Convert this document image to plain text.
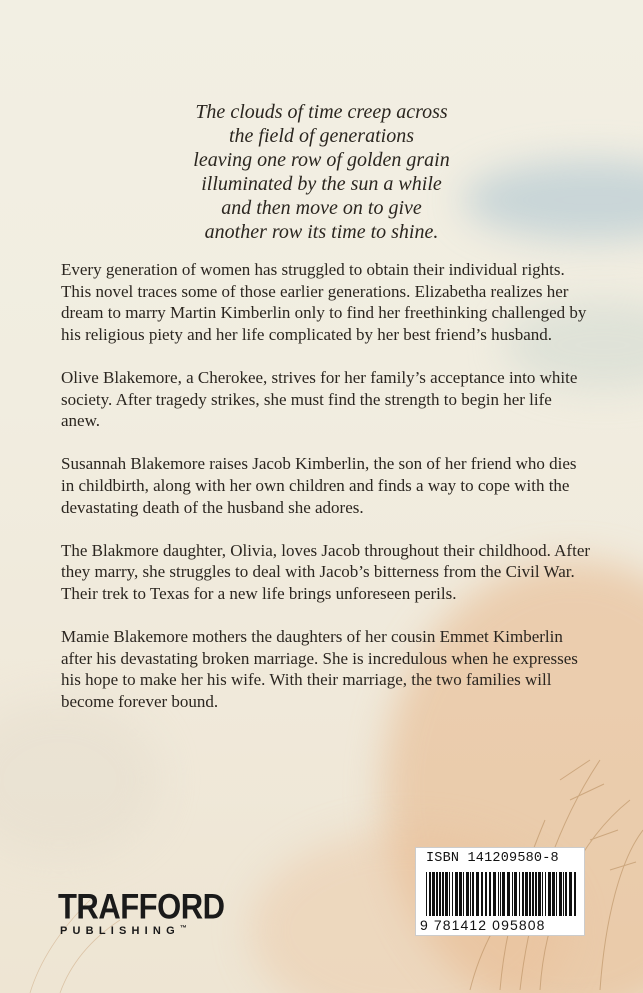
The clouds of time creep across
the field of generations
leaving one row of golden grain
illuminated by the sun a while
and then move on to give
another row its time to shine.

Every generation of women has struggled to obtain their individual rights. This novel traces some of those earlier generations. Elizabetha realizes her dream to marry Martin Kimberlin only to find her freethinking challenged by his religious piety and her life complicated by her best friend’s husband.

Olive Blakemore, a Cherokee, strives for her family’s acceptance into white society. After tragedy strikes, she must find the strength to begin her life anew.

Susannah Blakemore raises Jacob Kimberlin, the son of her friend who dies in childbirth, along with her own children and finds a way to cope with the devastating death of the husband she adores.

The Blakmore daughter, Olivia, loves Jacob throughout their childhood. After they marry, she struggles to deal with Jacob’s bitterness from the Civil War. Their trek to Texas for a new life brings unforeseen perils.

Mamie Blakemore mothers the daughters of her cousin Emmet Kimberlin after his devastating broken marriage. She is incredulous when he expresses his hope to make her his wife. With their marriage, the two families will become forever bound.

TRAFFORD
PUBLISHING™
ISBN 141209580-8
9 781412 095808
